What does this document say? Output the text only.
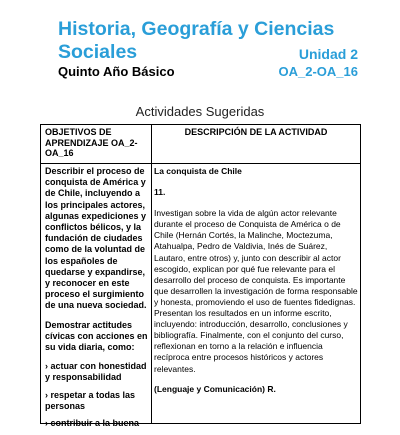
Historia, Geografía y Ciencias
Sociales	Unidad 2
Quinto Año Básico	OA_2-OA_16
Actividades Sugeridas
OBJETIVOS DE APRENDIZAJE OA_2-OA_16
DESCRIPCIÓN DE LA ACTIVIDAD

Describir el proceso de conquista de América y de Chile, incluyendo a los principales actores, algunas expediciones y conflictos bélicos, y la fundación de ciudades como de la voluntad de los españoles de quedarse y expandirse, y reconocer en este proceso el surgimiento de una nueva sociedad.

Demostrar actitudes cívicas con acciones en su vida diaria, como:

› actuar con honestidad y responsabilidad

› respetar a todas las personas

› contribuir a la buena

La conquista de Chile
11.

Investigan sobre la vida de algún actor relevante durante el proceso de Conquista de América o de Chile (Hernán Cortés, la Malinche, Moctezuma, Atahualpa, Pedro de Valdivia, Inés de Suárez, Lautaro, entre otros) y, junto con describir al actor escogido, explican por qué fue relevante para el desarrollo del proceso de conquista. Es importante que desarrollen la investigación de forma responsable y honesta, promoviendo el uso de fuentes fidedignas. Presentan los resultados en un informe escrito, incluyendo: introducción, desarrollo, conclusiones y bibliografía. Finalmente, con el conjunto del curso, reflexionan en torno a la relación e influencia recíproca entre procesos históricos y actores relevantes.

(Lenguaje y Comunicación) R.
